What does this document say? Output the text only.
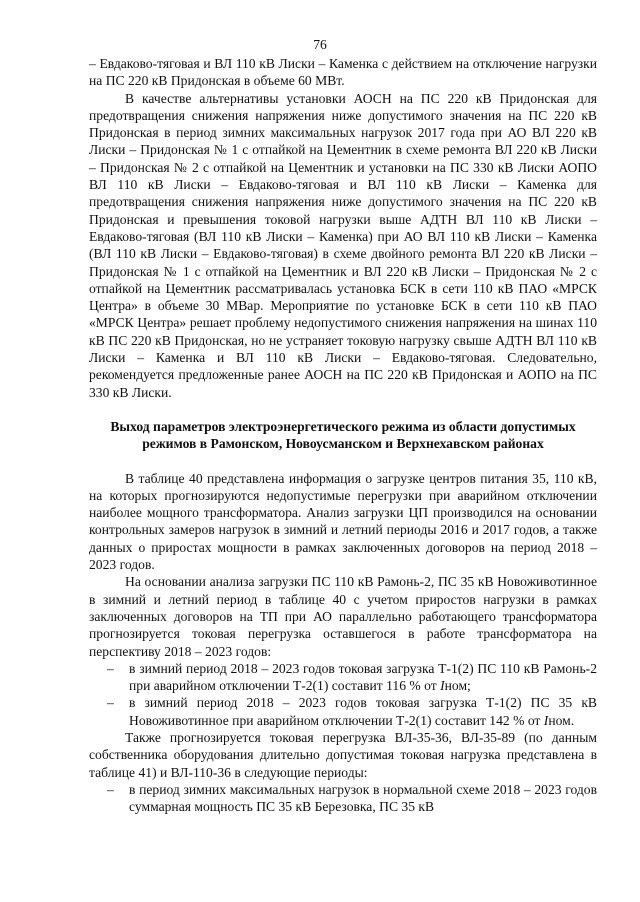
76

– Евдаково-тяговая и ВЛ 110 кВ Лиски – Каменка с действием на отключение нагрузки на ПС 220 кВ Придонская в объеме 60 МВт.

В качестве альтернативы установки АОСН на ПС 220 кВ Придонская для предотвращения снижения напряжения ниже допустимого значения на ПС 220 кВ Придонская в период зимних максимальных нагрузок 2017 года при АО ВЛ 220 кВ Лиски – Придонская № 1 с отпайкой на Цементник в схеме ремонта ВЛ 220 кВ Лиски – Придонская № 2 с отпайкой на Цементник и установки на ПС 330 кВ Лиски АОПО ВЛ 110 кВ Лиски – Евдаково-тяговая и ВЛ 110 кВ Лиски – Каменка для предотвращения снижения напряжения ниже допустимого значения на ПС 220 кВ Придонская и превышения токовой нагрузки выше АДТН ВЛ 110 кВ Лиски – Евдаково-тяговая (ВЛ 110 кВ Лиски – Каменка) при АО ВЛ 110 кВ Лиски – Каменка (ВЛ 110 кВ Лиски – Евдаково-тяговая) в схеме двойного ремонта ВЛ 220 кВ Лиски – Придонская № 1 с отпайкой на Цементник и ВЛ 220 кВ Лиски – Придонская № 2 с отпайкой на Цементник рассматривалась установка БСК в сети 110 кВ ПАО «МРСК Центра» в объеме 30 МВар. Мероприятие по установке БСК в сети 110 кВ ПАО «МРСК Центра» решает проблему недопустимого снижения напряжения на шинах 110 кВ ПС 220 кВ Придонская, но не устраняет токовую нагрузку свыше АДТН ВЛ 110 кВ Лиски – Каменка и ВЛ 110 кВ Лиски – Евдаково-тяговая. Следовательно, рекомендуется предложенные ранее АОСН на ПС 220 кВ Придонская и АОПО на ПС 330 кВ Лиски.

Выход параметров электроэнергетического режима из области допустимых режимов в Рамонском, Новоусманском и Верхнехавском районах

В таблице 40 представлена информация о загрузке центров питания 35, 110 кВ, на которых прогнозируются недопустимые перегрузки при аварийном отключении наиболее мощного трансформатора. Анализ загрузки ЦП производился на основании контрольных замеров нагрузок в зимний и летний периоды 2016 и 2017 годов, а также данных о приростах мощности в рамках заключенных договоров на период 2018 – 2023 годов.

На основании анализа загрузки ПС 110 кВ Рамонь-2, ПС 35 кВ Новоживотинное в зимний и летний период в таблице 40 с учетом приростов нагрузки в рамках заключенных договоров на ТП при АО параллельно работающего трансформатора прогнозируется токовая перегрузка оставшегося в работе трансформатора на перспективу 2018 – 2023 годов:

– в зимний период 2018 – 2023 годов токовая загрузка Т-1(2) ПС 110 кВ Рамонь-2 при аварийном отключении Т-2(1) составит 116 % от Iном;
– в зимний период 2018 – 2023 годов токовая загрузка Т-1(2) ПС 35 кВ Новоживотинное при аварийном отключении Т-2(1) составит 142 % от Iном.

Также прогнозируется токовая перегрузка ВЛ-35-36, ВЛ-35-89 (по данным собственника оборудования длительно допустимая токовая нагрузка представлена в таблице 41) и ВЛ-110-36 в следующие периоды:

– в период зимних максимальных нагрузок в нормальной схеме 2018 – 2023 годов суммарная мощность ПС 35 кВ Березовка, ПС 35 кВ
